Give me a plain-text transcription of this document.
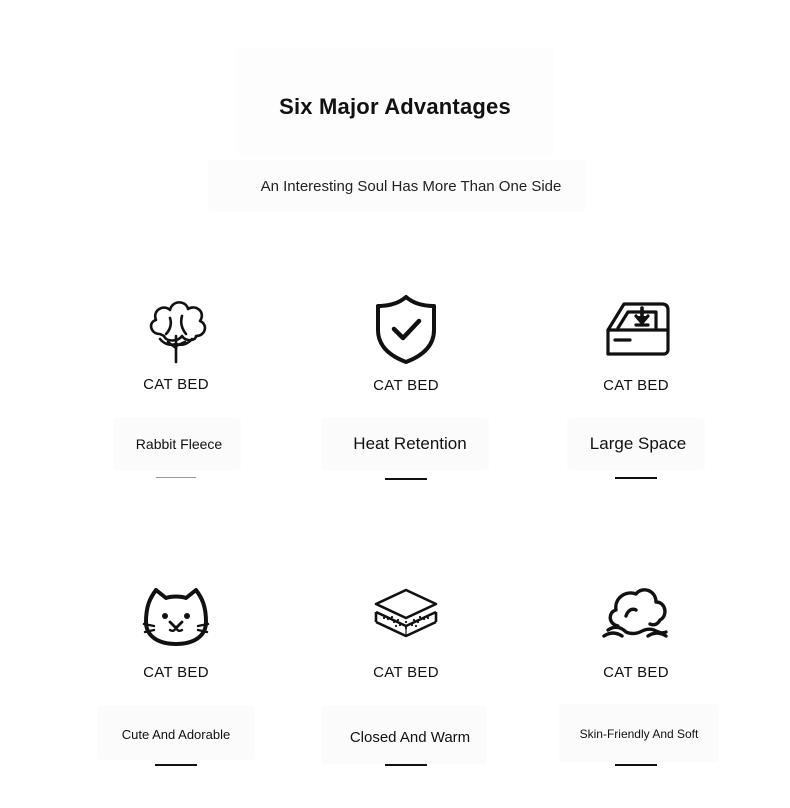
Six Major Advantages
An Interesting Soul Has More Than One Side
CAT BED
Rabbit Fleece
CAT BED
Heat Retention
CAT BED
Large Space
CAT BED
Cute And Adorable
CAT BED
Closed And Warm
CAT BED
Skin-Friendly And Soft
